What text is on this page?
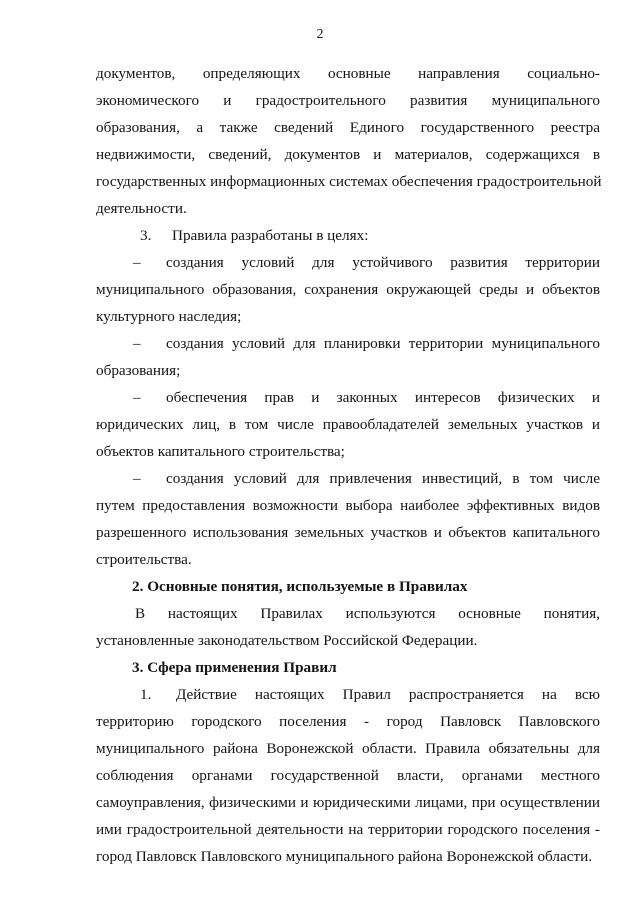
2
документов, определяющих основные направления социально-
экономического и градостроительного развития муниципального
образования, а также сведений Единого государственного реестра
недвижимости, сведений, документов и материалов, содержащихся в
государственных информационных системах обеспечения градостроительной
деятельности.
3. Правила разработаны в целях:
–	создания условий для устойчивого развития территории
муниципального образования, сохранения окружающей среды и объектов
культурного наследия;
–	создания условий для планировки территории муниципального
образования;
–	обеспечения прав и законных интересов физических и
юридических лиц, в том числе правообладателей земельных участков и
объектов капитального строительства;
–	создания условий для привлечения инвестиций, в том числе
путем предоставления возможности выбора наиболее эффективных видов
разрешенного использования земельных участков и объектов капитального
строительства.
2. Основные понятия, используемые в Правилах
В настоящих Правилах используются основные понятия,
установленные законодательством Российской Федерации.
3. Сфера применения Правил
1. Действие настоящих Правил распространяется на всю
территорию городского поселения - город Павловск Павловского
муниципального района Воронежской области. Правила обязательны для
соблюдения органами государственной власти, органами местного
самоуправления, физическими и юридическими лицами, при осуществлении
ими градостроительной деятельности на территории городского поселения -
город Павловск Павловского муниципального района Воронежской области.
